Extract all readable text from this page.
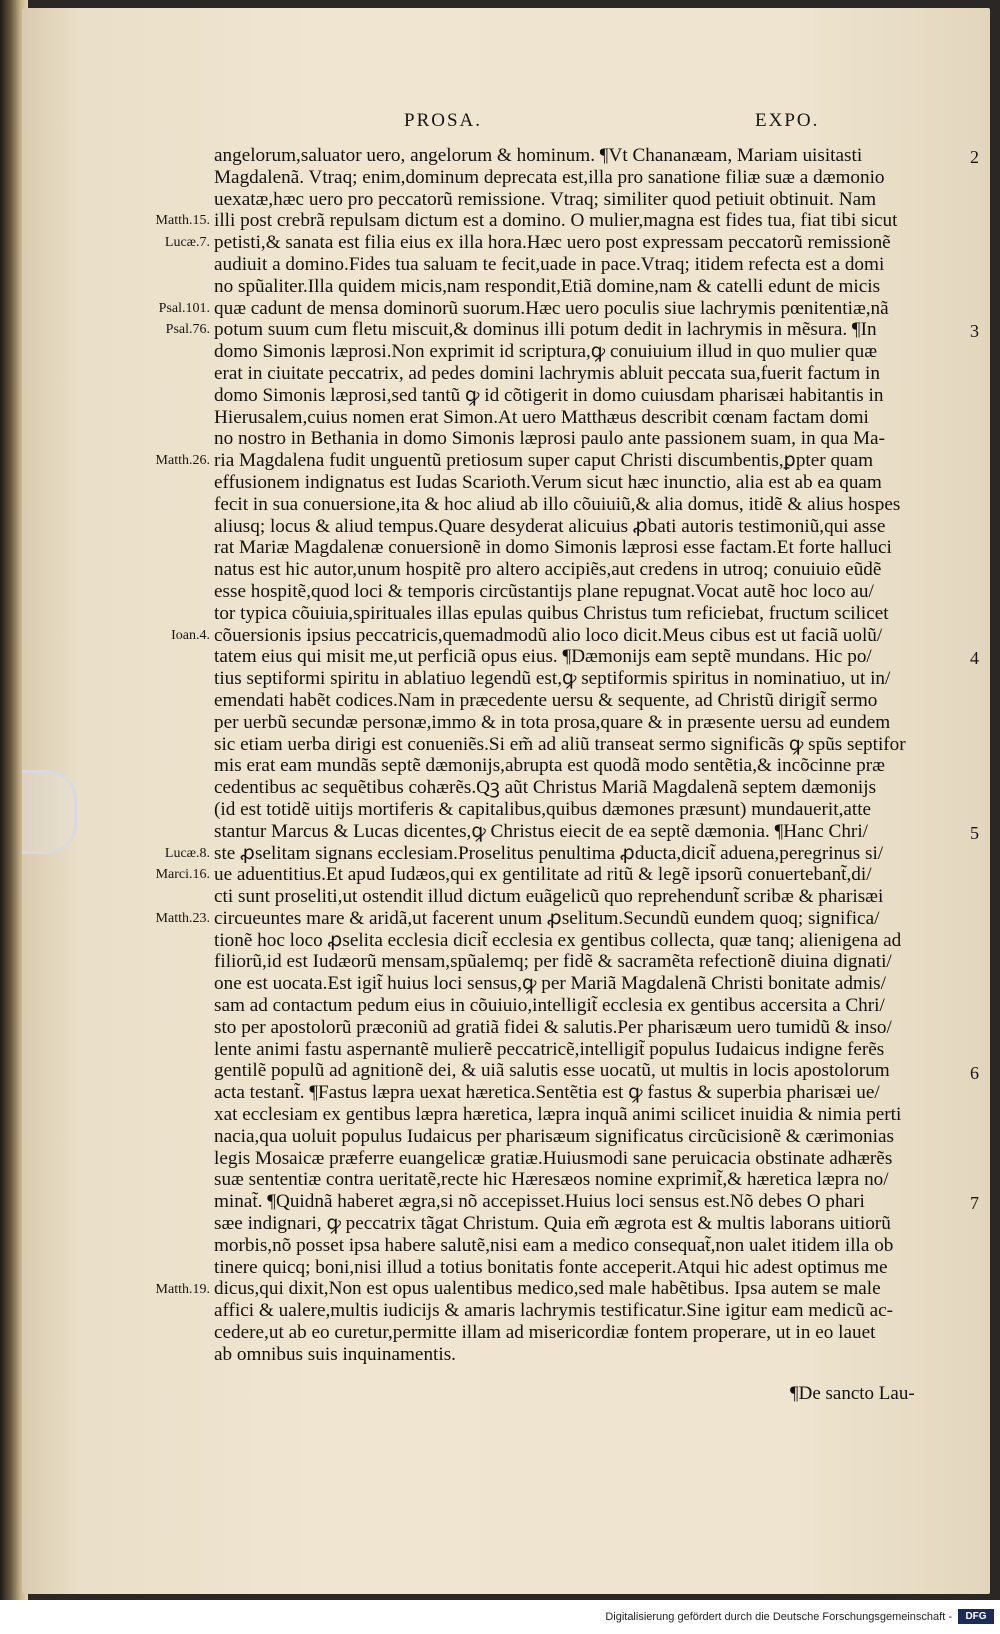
PROSA.	EXPO.
angelorum,saluator uero, angelorum & hominum. ¶Vt Chananæam, Mariam uisitasti
Magdalenã. Vtraq; enim,dominum deprecata est,illa pro sanatione filiæ suæ a dæmonio
uexatæ,hæc uero pro peccatorũ remissione. Vtraq; similiter quod petiuit obtinuit. Nam
illi post crebrã repulsam dictum est a domino. O mulier,magna est fides tua, fiat tibi sicut
petisti,& sanata est filia eius ex illa hora.Hæc uero post expressam peccatorũ remissionẽ
audiuit a domino.Fides tua saluam te fecit,uade in pace.Vtraq; itidem refecta est a domi
no spũaliter.Illa quidem micis,nam respondit,Etiã domine,nam & catelli edunt de micis
quæ cadunt de mensa dominorũ suorum.Hæc uero poculis siue lachrymis pœnitentiæ,nã
potum suum cum fletu miscuit,& dominus illi potum dedit in lachrymis in mẽsura. ¶In
domo Simonis læprosi.Non exprimit id scriptura,ꝙ conuiuium illud in quo mulier quæ
erat in ciuitate peccatrix, ad pedes domini lachrymis abluit peccata sua,fuerit factum in
domo Simonis læprosi,sed tantũ ꝙ id cõtigerit in domo cuiusdam pharisæi habitantis in
Hierusalem,cuius nomen erat Simon.At uero Matthæus describit cœnam factam domi
no nostro in Bethania in domo Simonis læprosi paulo ante passionem suam, in qua Ma-
ria Magdalena fudit unguentũ pretiosum super caput Christi discumbentis,ꝑpter quam
effusionem indignatus est Iudas Scarioth.Verum sicut hæc inunctio, alia est ab ea quam
fecit in sua conuersione,ita & hoc aliud ab illo cõuiuiũ,& alia domus, itidẽ & alius hospes
aliusq; locus & aliud tempus.Quare desyderat alicuius ꝓbati autoris testimoniũ,qui asse
rat Mariæ Magdalenæ conuersionẽ in domo Simonis læprosi esse factam.Et forte halluci
natus est hic autor,unum hospitẽ pro altero accipiẽs,aut credens in utroq; conuiuio eũdẽ
esse hospitẽ,quod loci & temporis circũstantijs plane repugnat.Vocat autẽ hoc loco au/
tor typica cõuiuia,spirituales illas epulas quibus Christus tum reficiebat, fructum scilicet
cõuersionis ipsius peccatricis,quemadmodũ alio loco dicit.Meus cibus est ut faciã uolũ/
tatem eius qui misit me,ut perficiã opus eius. ¶Dæmonijs eam septẽ mundans. Hic po/
tius septiformi spiritu in ablatiuo legendũ est,ꝙ septiformis spiritus in nominatiuo, ut in/
emendati habẽt codices.Nam in præcedente uersu & sequente, ad Christũ dirigit̃ sermo
per uerbũ secundæ personæ,immo & in tota prosa,quare & in præsente uersu ad eundem
sic etiam uerba dirigi est conueniẽs.Si em̃ ad aliũ transeat sermo significãs ꝙ spũs septifor
mis erat eam mundãs septẽ dæmonijs,abrupta est quodã modo sentẽtia,& incõcinne præ
cedentibus ac sequẽtibus cohærẽs.Qꝫ aũt Christus Mariã Magdalenã septem dæmonijs
(id est totidẽ uitijs mortiferis & capitalibus,quibus dæmones præsunt) mundauerit,atte
stantur Marcus & Lucas dicentes,ꝙ Christus eiecit de ea septẽ dæmonia. ¶Hanc Chri/
ste ꝓselitam signans ecclesiam.Proselitus penultima ꝓducta,dicit̃ aduena,peregrinus si/
ue aduentitius.Et apud Iudæos,qui ex gentilitate ad ritũ & legẽ ipsorũ conuertebant̃,di/
cti sunt proseliti,ut ostendit illud dictum euãgelicũ quo reprehendunt̃ scribæ & pharisæi
circueuntes mare & aridã,ut facerent unum ꝓselitum.Secundũ eundem quoq; significa/
tionẽ hoc loco ꝓselita ecclesia dicit̃ ecclesia ex gentibus collecta, quæ tanq; alienigena ad
filiorũ,id est Iudæorũ mensam,spũalemq; per fidẽ & sacramẽta refectionẽ diuina dignati/
one est uocata.Est igit̃ huius loci sensus,ꝙ per Mariã Magdalenã Christi bonitate admis/
sam ad contactum pedum eius in cõuiuio,intelligit̃ ecclesia ex gentibus accersita a Chri/
sto per apostolorũ præconiũ ad gratiã fidei & salutis.Per pharisæum uero tumidũ & inso/
lente animi fastu aspernantẽ mulierẽ peccatricẽ,intelligit̃ populus Iudaicus indigne ferẽs
gentilẽ populũ ad agnitionẽ dei, & uiã salutis esse uocatũ, ut multis in locis apostolorum
acta testant̃. ¶Fastus læpra uexat hæretica.Sentẽtia est ꝙ fastus & superbia pharisæi ue/
xat ecclesiam ex gentibus læpra hæretica, læpra inquã animi scilicet inuidia & nimia perti
nacia,qua uoluit populus Iudaicus per pharisæum significatus circũcisionẽ & cærimonias
legis Mosaicæ præferre euangelicæ gratiæ.Huiusmodi sane peruicacia obstinate adhærẽs
suæ sententiæ contra ueritatẽ,recte hic Hæresæos nomine exprimit̃,& hæretica læpra no/
minat̃. ¶Quidnã haberet ægra,si nõ accepisset.Huius loci sensus est.Nõ debes O phari
sæe indignari, ꝙ peccatrix tãgat Christum. Quia em̃ ægrota est & multis laborans uitiorũ
morbis,nõ posset ipsa habere salutẽ,nisi eam a medico consequat̃,non ualet itidem illa ob
tinere quicq; boni,nisi illud a totius bonitatis fonte acceperit.Atqui hic adest optimus me
dicus,qui dixit,Non est opus ualentibus medico,sed male habẽtibus. Ipsa autem se male
affici & ualere,multis iudicijs & amaris lachrymis testificatur.Sine igitur eam medicũ ac-
cedere,ut ab eo curetur,permitte illam ad misericordiæ fontem properare, ut in eo lauet
ab omnibus suis inquinamentis.
Matth.15.
Lucæ.7.
Psal.101.
Psal.76.
Matth.26.
Ioan.4.
Lucæ.8.
Marci.16.
Matth.23.
Matth.19.
2
3
4
5
6
7
¶De sancto Lau-
Digitalisierung gefördert durch die Deutsche Forschungsgemeinschaft -	DFG
